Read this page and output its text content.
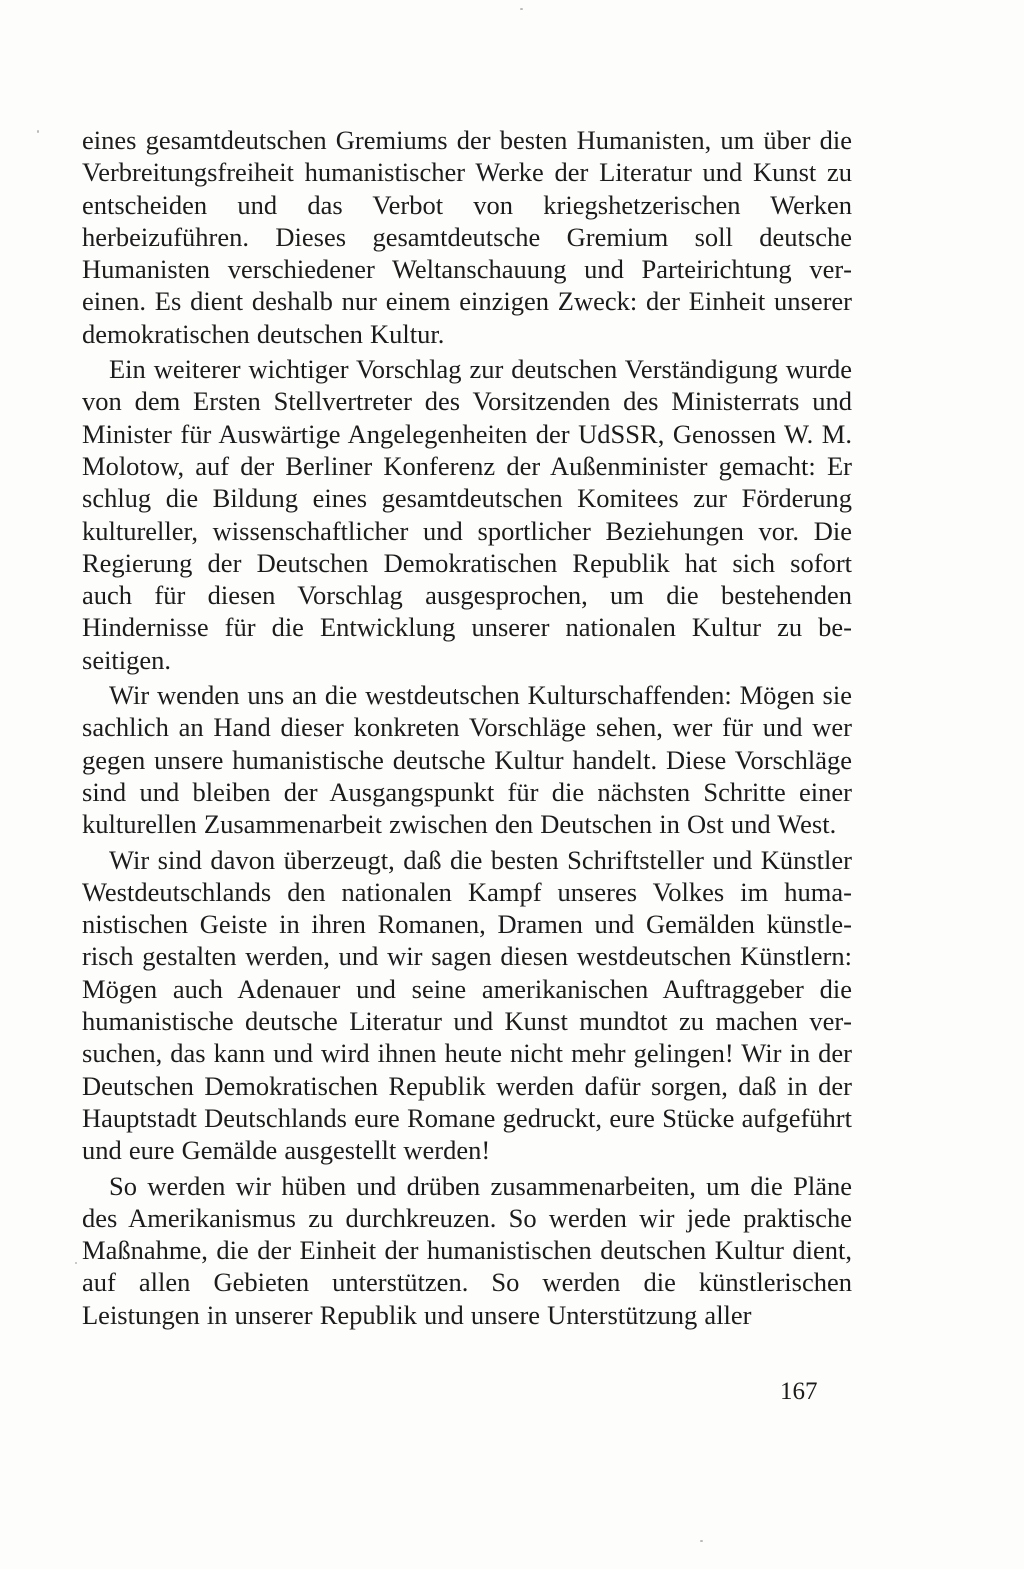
eines gesamtdeutschen Gremiums der besten Humanisten, um über die Verbreitungsfreiheit humanistischer Werke der Literatur und Kunst zu entscheiden und das Verbot von kriegshetzerischen Werken herbeizuführen. Dieses gesamtdeutsche Gremium soll deutsche Humanisten verschiedener Weltanschauung und Parteirichtung vereinen. Es dient deshalb nur einem einzigen Zweck: der Einheit unserer demokratischen deutschen Kultur.

Ein weiterer wichtiger Vorschlag zur deutschen Verständigung wurde von dem Ersten Stellvertreter des Vorsitzenden des Ministerrats und Minister für Auswärtige Angelegenheiten der UdSSR, Genossen W. M. Molotow, auf der Berliner Konferenz der Außenminister gemacht: Er schlug die Bildung eines gesamtdeutschen Komitees zur Förderung kultureller, wissenschaftlicher und sportlicher Beziehungen vor. Die Regierung der Deutschen Demokratischen Republik hat sich sofort auch für diesen Vorschlag ausgesprochen, um die bestehenden Hindernisse für die Entwicklung unserer nationalen Kultur zu beseitigen.

Wir wenden uns an die westdeutschen Kulturschaffenden: Mögen sie sachlich an Hand dieser konkreten Vorschläge sehen, wer für und wer gegen unsere humanistische deutsche Kultur handelt. Diese Vorschläge sind und bleiben der Ausgangspunkt für die nächsten Schritte einer kulturellen Zusammenarbeit zwischen den Deutschen in Ost und West.

Wir sind davon überzeugt, daß die besten Schriftsteller und Künstler Westdeutschlands den nationalen Kampf unseres Volkes im humanistischen Geiste in ihren Romanen, Dramen und Gemälden künstlerisch gestalten werden, und wir sagen diesen westdeutschen Künstlern: Mögen auch Adenauer und seine amerikanischen Auftraggeber die humanistische deutsche Literatur und Kunst mundtot zu machen versuchen, das kann und wird ihnen heute nicht mehr gelingen! Wir in der Deutschen Demokratischen Republik werden dafür sorgen, daß in der Hauptstadt Deutschlands eure Romane gedruckt, eure Stücke aufgeführt und eure Gemälde ausgestellt werden!

So werden wir hüben und drüben zusammenarbeiten, um die Pläne des Amerikanismus zu durchkreuzen. So werden wir jede praktische Maßnahme, die der Einheit der humanistischen deutschen Kultur dient, auf allen Gebieten unterstützen. So werden die künstlerischen Leistungen in unserer Republik und unsere Unterstützung aller

167
